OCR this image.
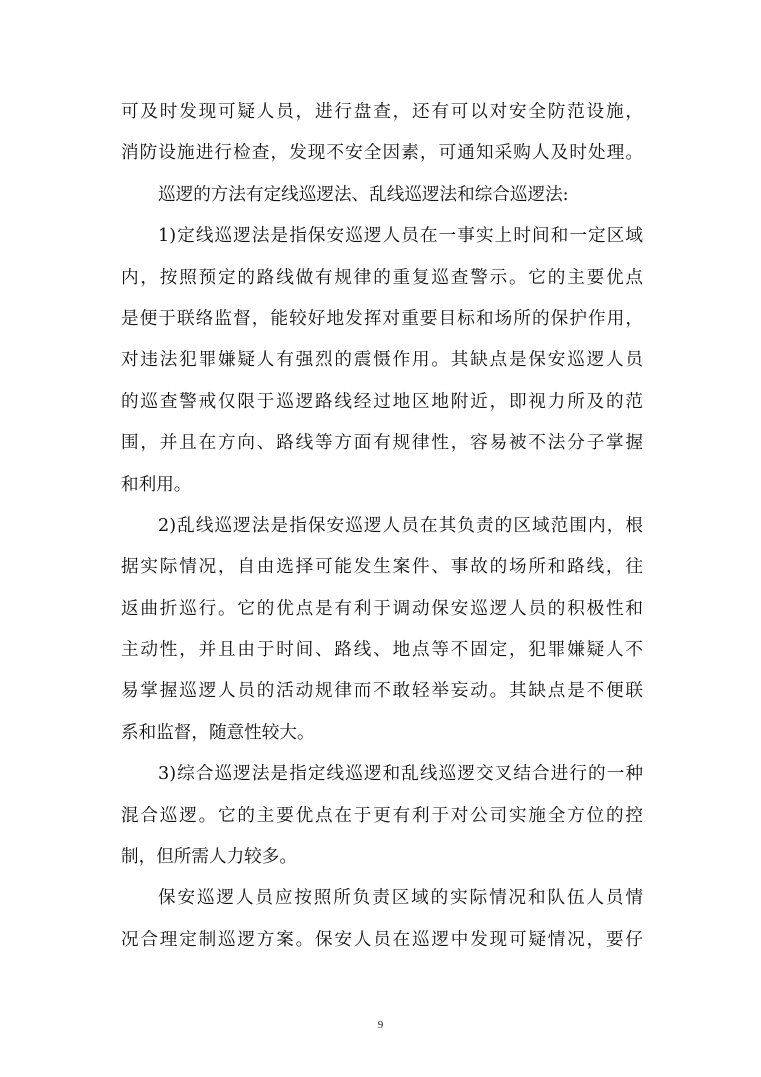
可及时发现可疑人员，进行盘查，还有可以对安全防范设施，
消防设施进行检查，发现不安全因素，可通知采购人及时处理。
巡逻的方法有定线巡逻法、乱线巡逻法和综合巡逻法:
1)定线巡逻法是指保安巡逻人员在一事实上时间和一定区域
内，按照预定的路线做有规律的重复巡查警示。它的主要优点
是便于联络监督，能较好地发挥对重要目标和场所的保护作用，
对违法犯罪嫌疑人有强烈的震慑作用。其缺点是保安巡逻人员
的巡查警戒仅限于巡逻路线经过地区地附近，即视力所及的范
围，并且在方向、路线等方面有规律性，容易被不法分子掌握
和利用。
2)乱线巡逻法是指保安巡逻人员在其负责的区域范围内，根
据实际情况，自由选择可能发生案件、事故的场所和路线，往
返曲折巡行。它的优点是有利于调动保安巡逻人员的积极性和
主动性，并且由于时间、路线、地点等不固定，犯罪嫌疑人不
易掌握巡逻人员的活动规律而不敢轻举妄动。其缺点是不便联
系和监督，随意性较大。
3)综合巡逻法是指定线巡逻和乱线巡逻交叉结合进行的一种
混合巡逻。它的主要优点在于更有利于对公司实施全方位的控
制，但所需人力较多。
保安巡逻人员应按照所负责区域的实际情况和队伍人员情
况合理定制巡逻方案。保安人员在巡逻中发现可疑情况，要仔
9
